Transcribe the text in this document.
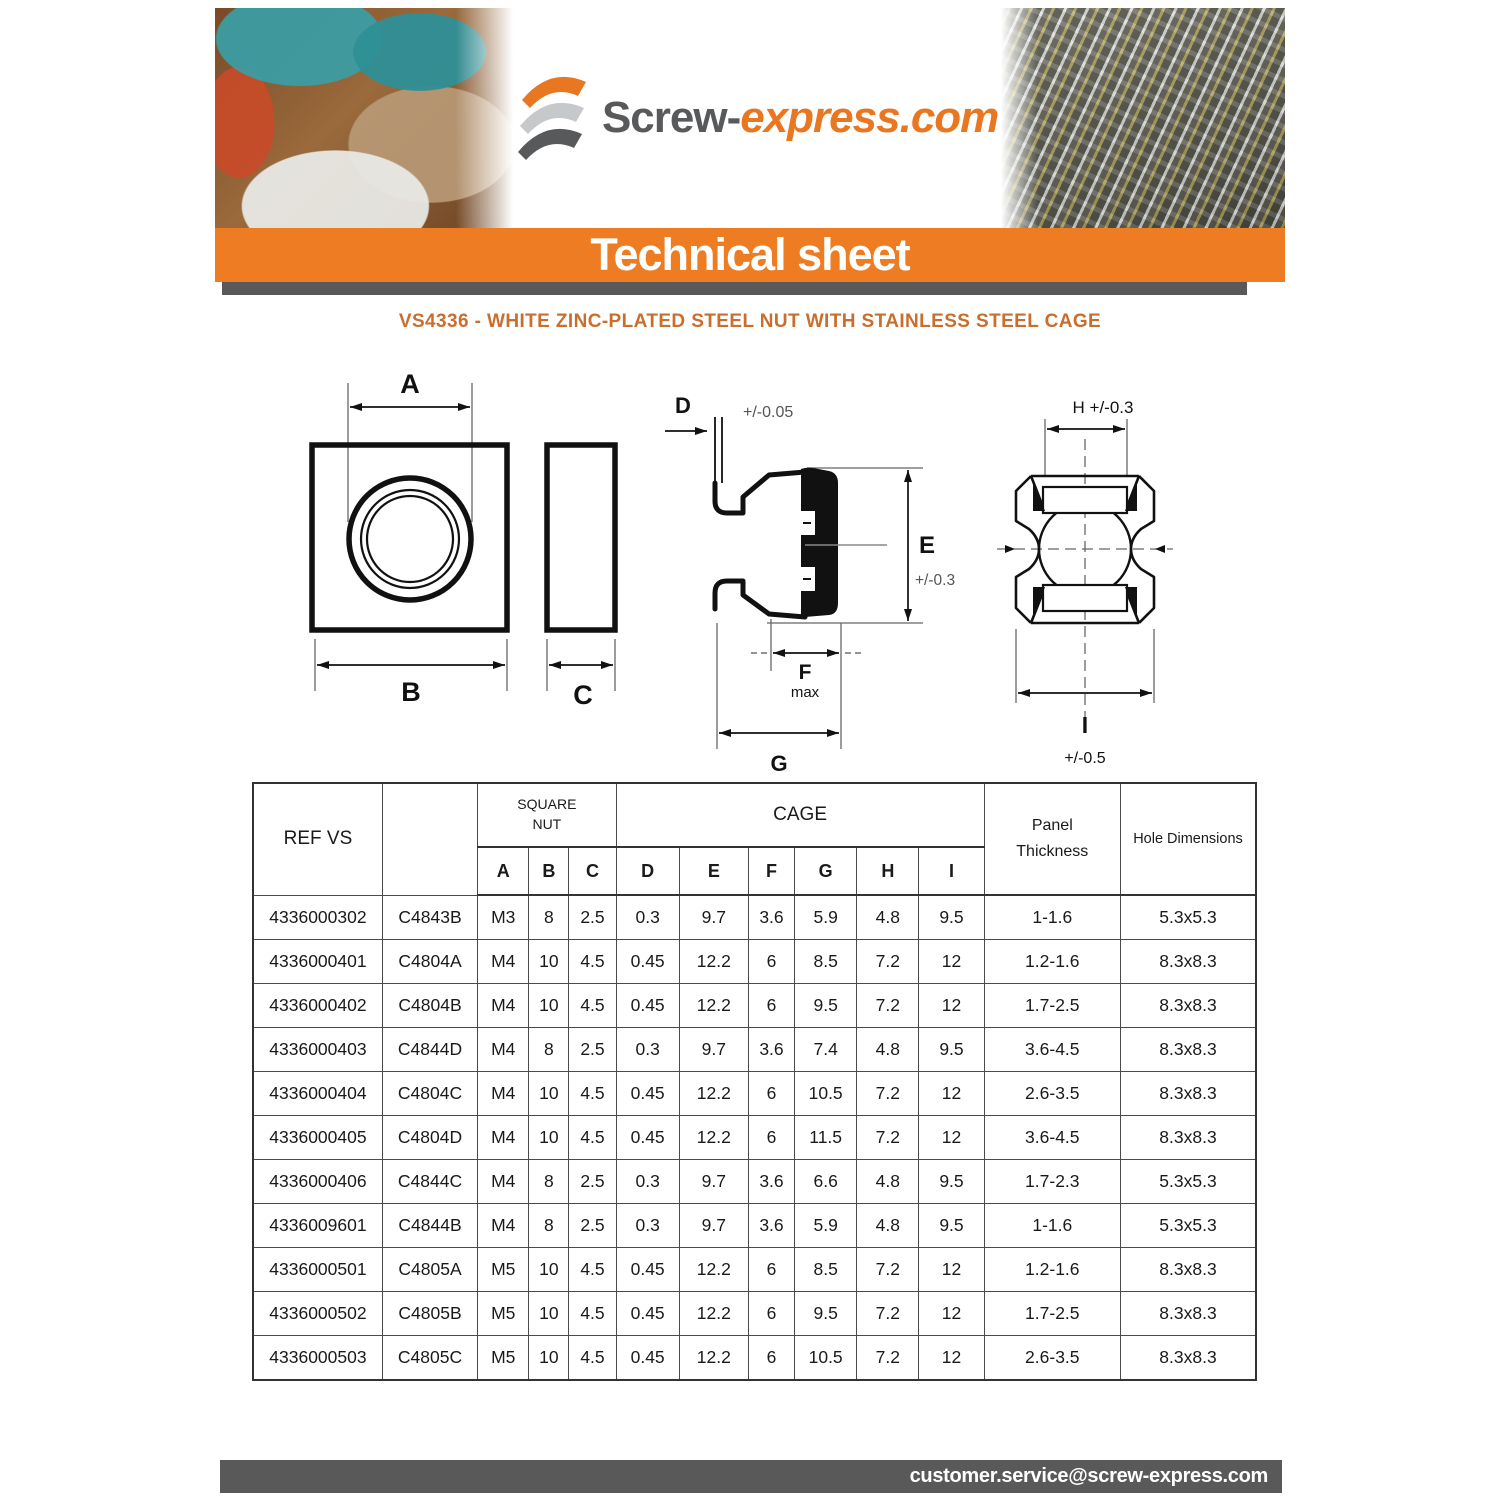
Screw-express.com
Technical sheet
VS4336 - WHITE ZINC-PLATED STEEL NUT WITH STAINLESS STEEL CAGE
A
B	C
D	+/-0.05
E
+/-0.3
F
max
G
H +/-0.3
I
+/-0.5
REF VS		
SQUARE
NUT	CAGE	
Panel
Thickness
	Hole Dimensions
		A	B	C	D	E	F	G	H	I		
4336000302	C4843B	M3	8	2.5	0.3	9.7	3.6	5.9	4.8	9.5	1-1.6	5.3x5.3
4336000401	C4804A	M4	10	4.5	0.45	12.2	6	8.5	7.2	12	1.2-1.6	8.3x8.3
4336000402	C4804B	M4	10	4.5	0.45	12.2	6	9.5	7.2	12	1.7-2.5	8.3x8.3
4336000403	C4844D	M4	8	2.5	0.3	9.7	3.6	7.4	4.8	9.5	3.6-4.5	8.3x8.3
4336000404	C4804C	M4	10	4.5	0.45	12.2	6	10.5	7.2	12	2.6-3.5	8.3x8.3
4336000405	C4804D	M4	10	4.5	0.45	12.2	6	11.5	7.2	12	3.6-4.5	8.3x8.3
4336000406	C4844C	M4	8	2.5	0.3	9.7	3.6	6.6	4.8	9.5	1.7-2.3	5.3x5.3
4336009601	C4844B	M4	8	2.5	0.3	9.7	3.6	5.9	4.8	9.5	1-1.6	5.3x5.3
4336000501	C4805A	M5	10	4.5	0.45	12.2	6	8.5	7.2	12	1.2-1.6	8.3x8.3
4336000502	C4805B	M5	10	4.5	0.45	12.2	6	9.5	7.2	12	1.7-2.5	8.3x8.3
4336000503	C4805C	M5	10	4.5	0.45	12.2	6	10.5	7.2	12	2.6-3.5	8.3x8.3
customer.service@screw-express.com
